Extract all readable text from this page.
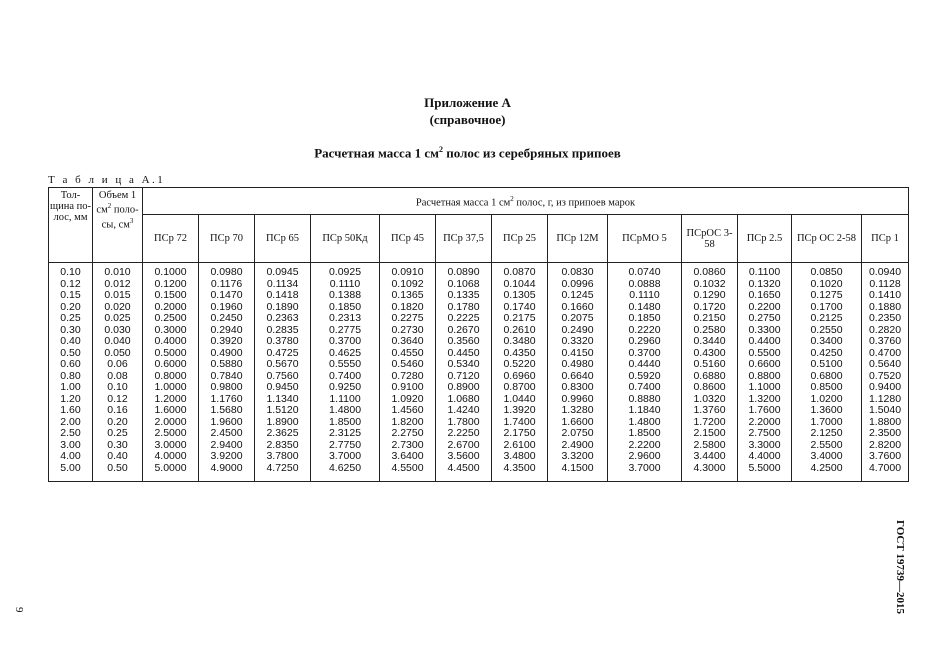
Приложение А
(справочное)
Расчетная масса 1 $см^2$ полос из серебряных припоев
Т а б л и ц а А.1
Тол-щина по-лос, мм	Объем 1 $см^2$ поло-сы, $см^3$	Расчетная масса 1 $см^2$ полос, г, из припоев марок												
		ПСр 72	ПСр 70	ПСр 65	ПСр 50Кд	ПСр 45	ПСр 37,5	ПСр 25	ПСр 12М	ПСрМО 5	ПСрОС 3-58	ПСр 2.5	ПСр ОС 2-58	ПСр 1
0.10	0.010	0.1000	0.0980	0.0945	0.0925	0.0910	0.0890	0.0870	0.0830	0.0740	0.0860	0.1100	0.0850	0.0940
0.12	0.012	0.1200	0.1176	0.1134	0.1110	0.1092	0.1068	0.1044	0.0996	0.0888	0.1032	0.1320	0.1020	0.1128
0.15	0.015	0.1500	0.1470	0.1418	0.1388	0.1365	0.1335	0.1305	0.1245	0.1110	0.1290	0.1650	0.1275	0.1410
0.20	0.020	0.2000	0.1960	0.1890	0.1850	0.1820	0.1780	0.1740	0.1660	0.1480	0.1720	0.2200	0.1700	0.1880
0.25	0.025	0.2500	0.2450	0.2363	0.2313	0.2275	0.2225	0.2175	0.2075	0.1850	0.2150	0.2750	0.2125	0.2350
0.30	0.030	0.3000	0.2940	0.2835	0.2775	0.2730	0.2670	0.2610	0.2490	0.2220	0.2580	0.3300	0.2550	0.2820
0.40	0.040	0.4000	0.3920	0.3780	0.3700	0.3640	0.3560	0.3480	0.3320	0.2960	0.3440	0.4400	0.3400	0.3760
0.50	0.050	0.5000	0.4900	0.4725	0.4625	0.4550	0.4450	0.4350	0.4150	0.3700	0.4300	0.5500	0.4250	0.4700
0.60	0.06	0.6000	0.5880	0.5670	0.5550	0.5460	0.5340	0.5220	0.4980	0.4440	0.5160	0.6600	0.5100	0.5640
0.80	0.08	0.8000	0.7840	0.7560	0.7400	0.7280	0.7120	0.6960	0.6640	0.5920	0.6880	0.8800	0.6800	0.7520
1.00	0.10	1.0000	0.9800	0.9450	0.9250	0.9100	0.8900	0.8700	0.8300	0.7400	0.8600	1.1000	0.8500	0.9400
1.20	0.12	1.2000	1.1760	1.1340	1.1100	1.0920	1.0680	1.0440	0.9960	0.8880	1.0320	1.3200	1.0200	1.1280
1.60	0.16	1.6000	1.5680	1.5120	1.4800	1.4560	1.4240	1.3920	1.3280	1.1840	1.3760	1.7600	1.3600	1.5040
2.00	0.20	2.0000	1.9600	1.8900	1.8500	1.8200	1.7800	1.7400	1.6600	1.4800	1.7200	2.2000	1.7000	1.8800
2.50	0.25	2.5000	2.4500	2.3625	2.3125	2.2750	2.2250	2.1750	2.0750	1.8500	2.1500	2.7500	2.1250	2.3500
3.00	0.30	3.0000	2.9400	2.8350	2.7750	2.7300	2.6700	2.6100	2.4900	2.2200	2.5800	3.3000	2.5500	2.8200
4.00	0.40	4.0000	3.9200	3.7800	3.7000	3.6400	3.5600	3.4800	3.3200	2.9600	3.4400	4.4000	3.4000	3.7600
5.00	0.50	5.0000	4.9000	4.7250	4.6250	4.5500	4.4500	4.3500	4.1500	3.7000	4.3000	5.5000	4.2500	4.7000
ГОСТ 19739—2015
9
